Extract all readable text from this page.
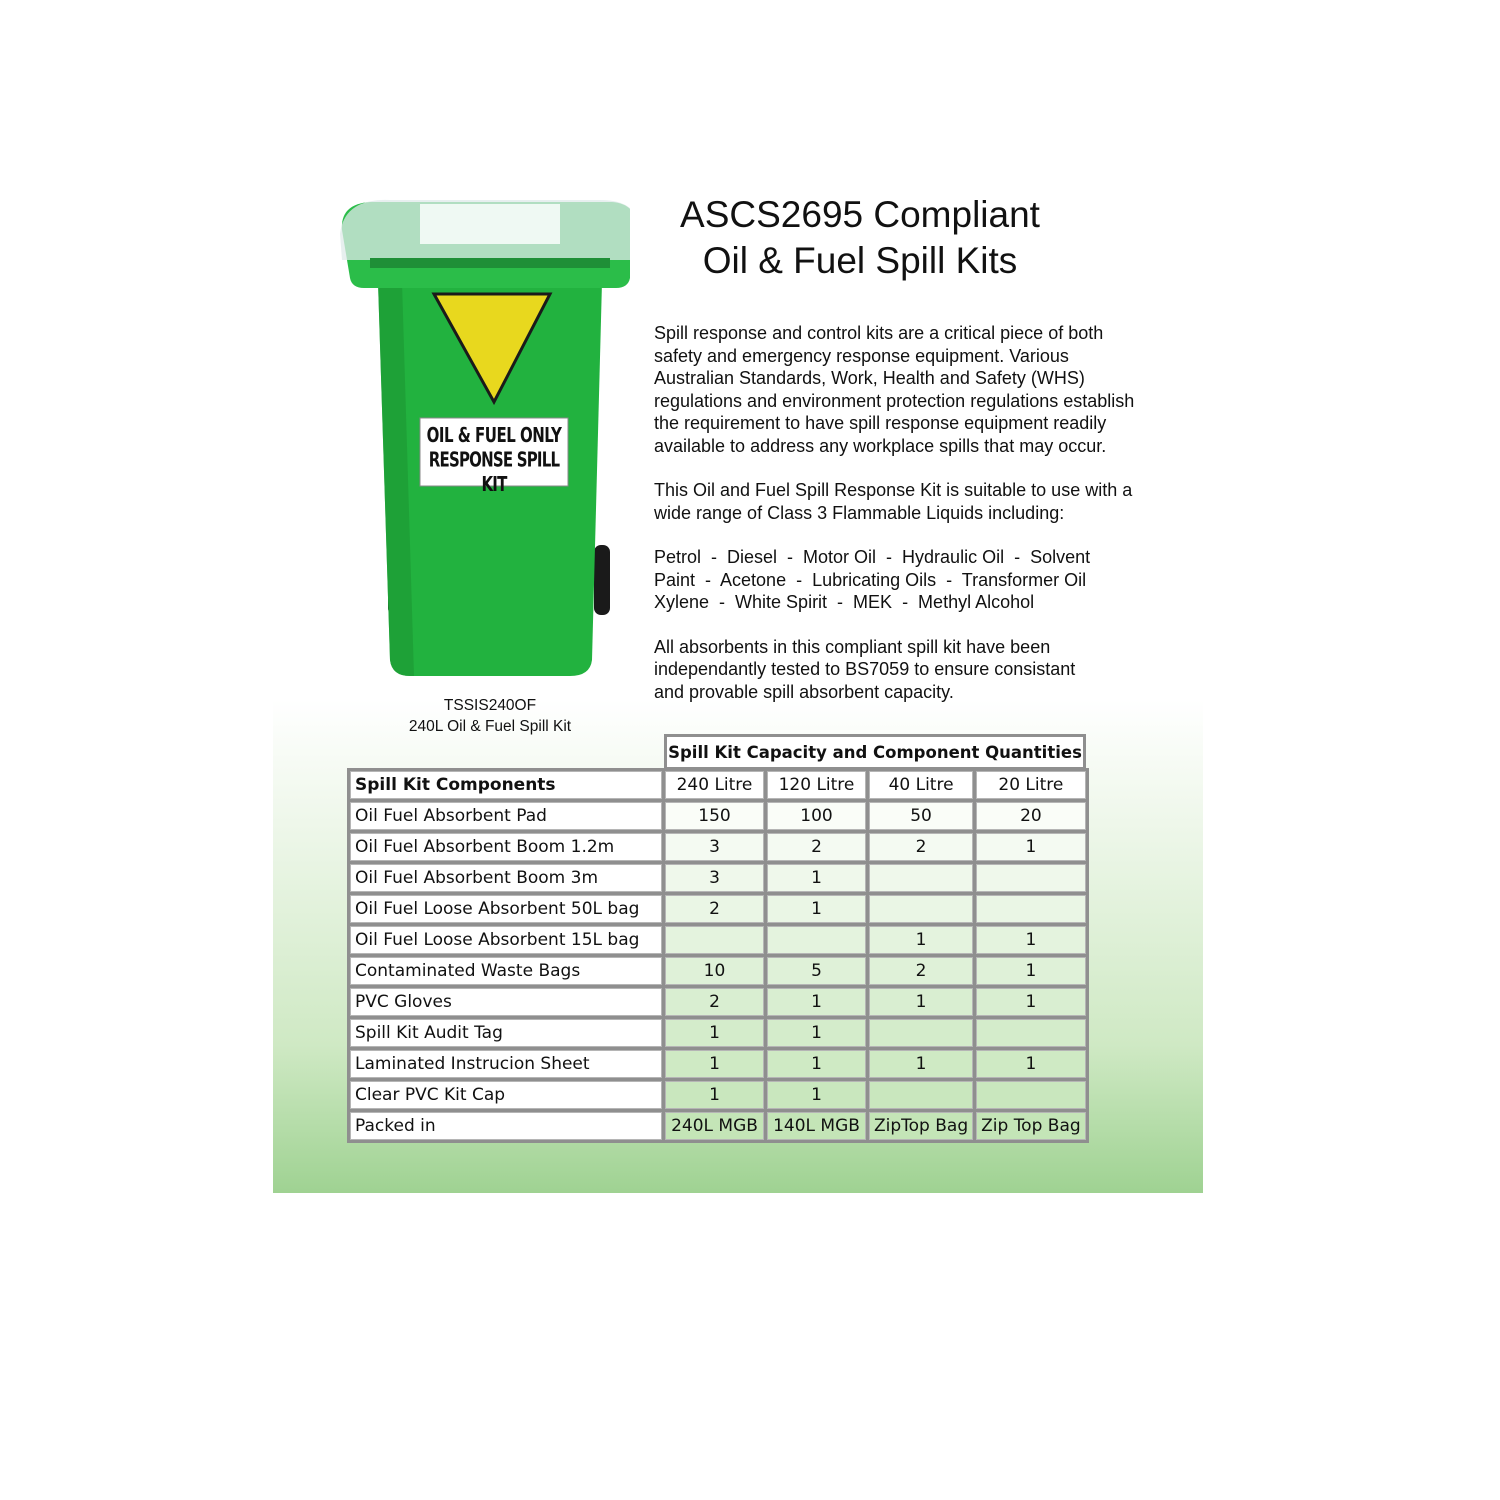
OIL & FUEL ONLY
RESPONSE SPILL KIT
TSSIS240OF
240L Oil & Fuel Spill Kit
ASCS2695 Compliant
Oil & Fuel Spill Kits

Spill response and control kits are a critical piece of both
safety and emergency response equipment. Various
Australian Standards, Work, Health and Safety (WHS)
regulations and environment protection regulations establish
the requirement to have spill response equipment readily
available to address any workplace spills that may occur.

This Oil and Fuel Spill Response Kit is suitable to use with a
wide range of Class 3 Flammable Liquids including:

Petrol  -  Diesel  -  Motor Oil  -  Hydraulic Oil  -  Solvent
Paint  -  Acetone  -  Lubricating Oils  -  Transformer Oil
Xylene  -  White Spirit  -  MEK  -  Methyl Alcohol

All absorbents in this compliant spill kit have been
independantly tested to BS7059 to ensure consistant
and provable spill absorbent capacity.

Spill Kit Capacity and Component Quantities
Spill Kit Components	240 Litre	120 Litre	40 Litre	20 Litre
Oil Fuel Absorbent Pad	150	100	50	20
Oil Fuel Absorbent Boom 1.2m	3	2	2	1
Oil Fuel Absorbent Boom 3m	3	1		
Oil Fuel Loose Absorbent 50L bag	2	1		
Oil Fuel Loose Absorbent 15L bag			1	1
Contaminated Waste Bags	10	5	2	1
PVC Gloves	2	1	1	1
Spill Kit Audit Tag	1	1		
Laminated Instrucion Sheet	1	1	1	1
Clear PVC Kit Cap	1	1		
Packed in	240L MGB	140L MGB	ZipTop Bag	Zip Top Bag
